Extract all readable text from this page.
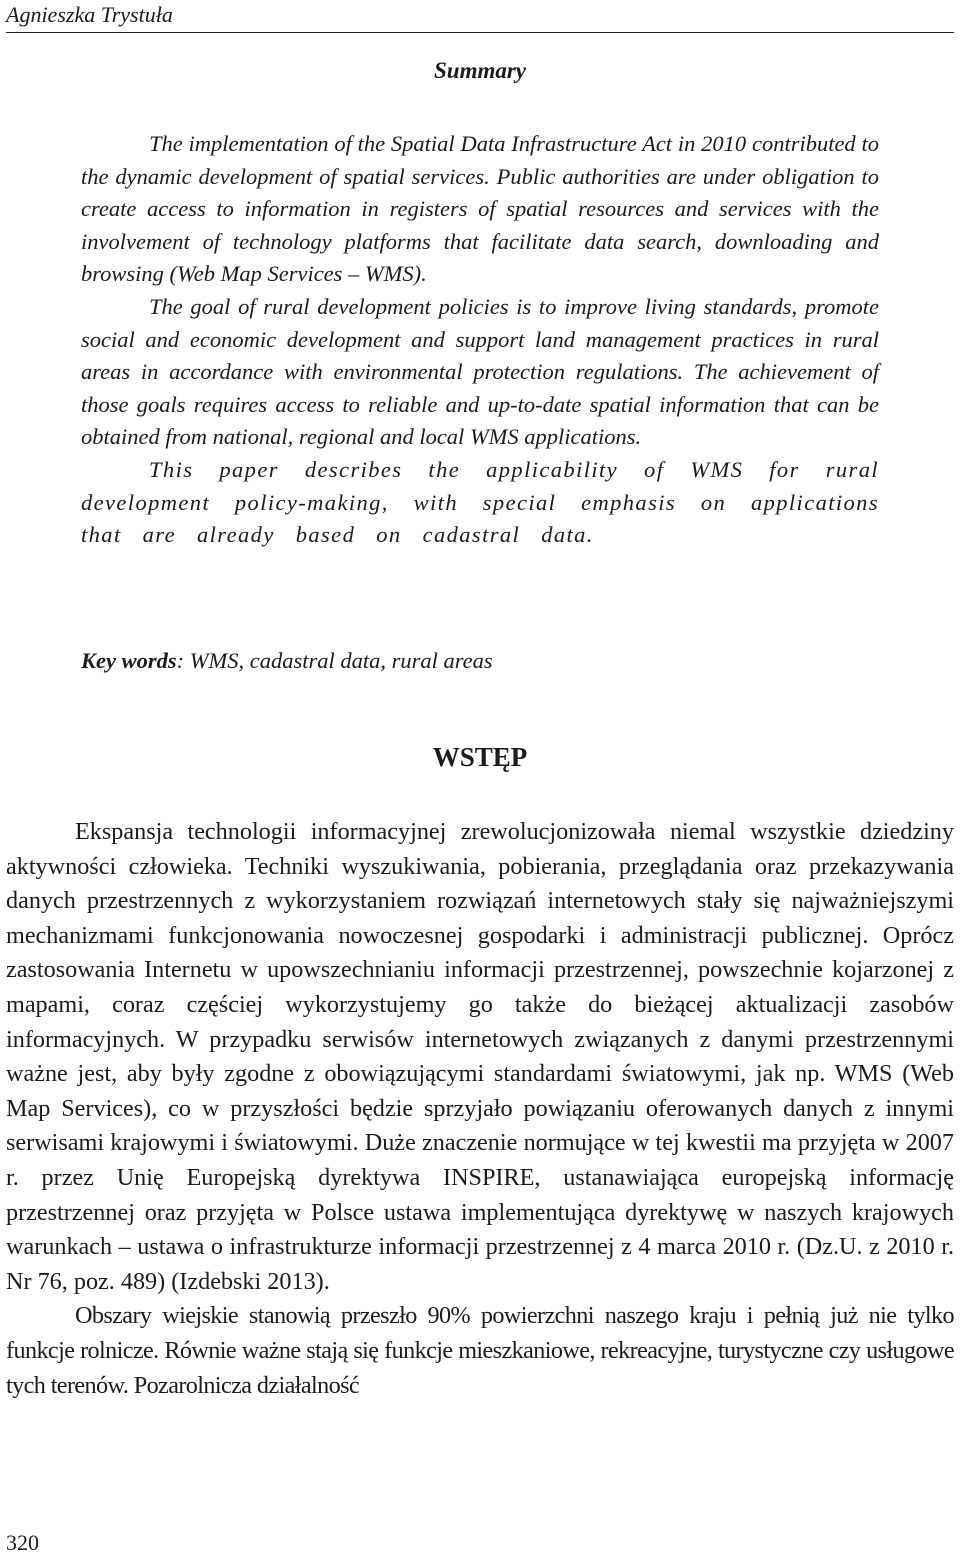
Agnieszka Trystuła
Summary

The implementation of the Spatial Data Infrastructure Act in 2010 contributed to the dynamic development of spatial services. Public authorities are under obligation to create access to information in registers of spatial resources and services with the involvement of technology platforms that facilitate data search, downloading and browsing (Web Map Services – WMS).

The goal of rural development policies is to improve living standards, promote social and economic development and support land management practices in rural areas in accordance with environmental protection regulations. The achievement of those goals requires access to reliable and up-to-date spatial information that can be obtained from national, regional and local WMS applications.

This paper describes the applicability of WMS for rural development policy-making, with special emphasis on applications that are already based on cadastral data.

Key words: WMS, cadastral data, rural areas
WSTĘP

Ekspansja technologii informacyjnej zrewolucjonizowała niemal wszystkie dziedziny aktywności człowieka. Techniki wyszukiwania, pobierania, przeglądania oraz przekazywania danych przestrzennych z wykorzystaniem rozwiązań internetowych stały się najważniejszymi mechanizmami funkcjonowania nowoczesnej gospodarki i administracji publicznej. Oprócz zastosowania Internetu w upowszechnianiu informacji przestrzennej, powszechnie kojarzonej z mapami, coraz częściej wykorzystujemy go także do bieżącej aktualizacji zasobów informacyjnych. W przypadku serwisów internetowych związanych z danymi przestrzennymi ważne jest, aby były zgodne z obowiązującymi standardami światowymi, jak np. WMS (Web Map Services), co w przyszłości będzie sprzyjało powiązaniu oferowanych danych z innymi serwisami krajowymi i światowymi. Duże znaczenie normujące w tej kwestii ma przyjęta w 2007 r. przez Unię Europejską dyrektywa INSPIRE, ustanawiająca europejską informację przestrzennej oraz przyjęta w Polsce ustawa implementująca dyrektywę w naszych krajowych warunkach – ustawa o infrastrukturze informacji przestrzennej z 4 marca 2010 r. (Dz.U. z 2010 r. Nr 76, poz. 489) (Izdebski 2013).

Obszary wiejskie stanowią przeszło 90% powierzchni naszego kraju i pełnią już nie tylko funkcje rolnicze. Równie ważne stają się funkcje mieszkaniowe, rekreacyjne, turystyczne czy usługowe tych terenów. Pozarolnicza działalność

320
